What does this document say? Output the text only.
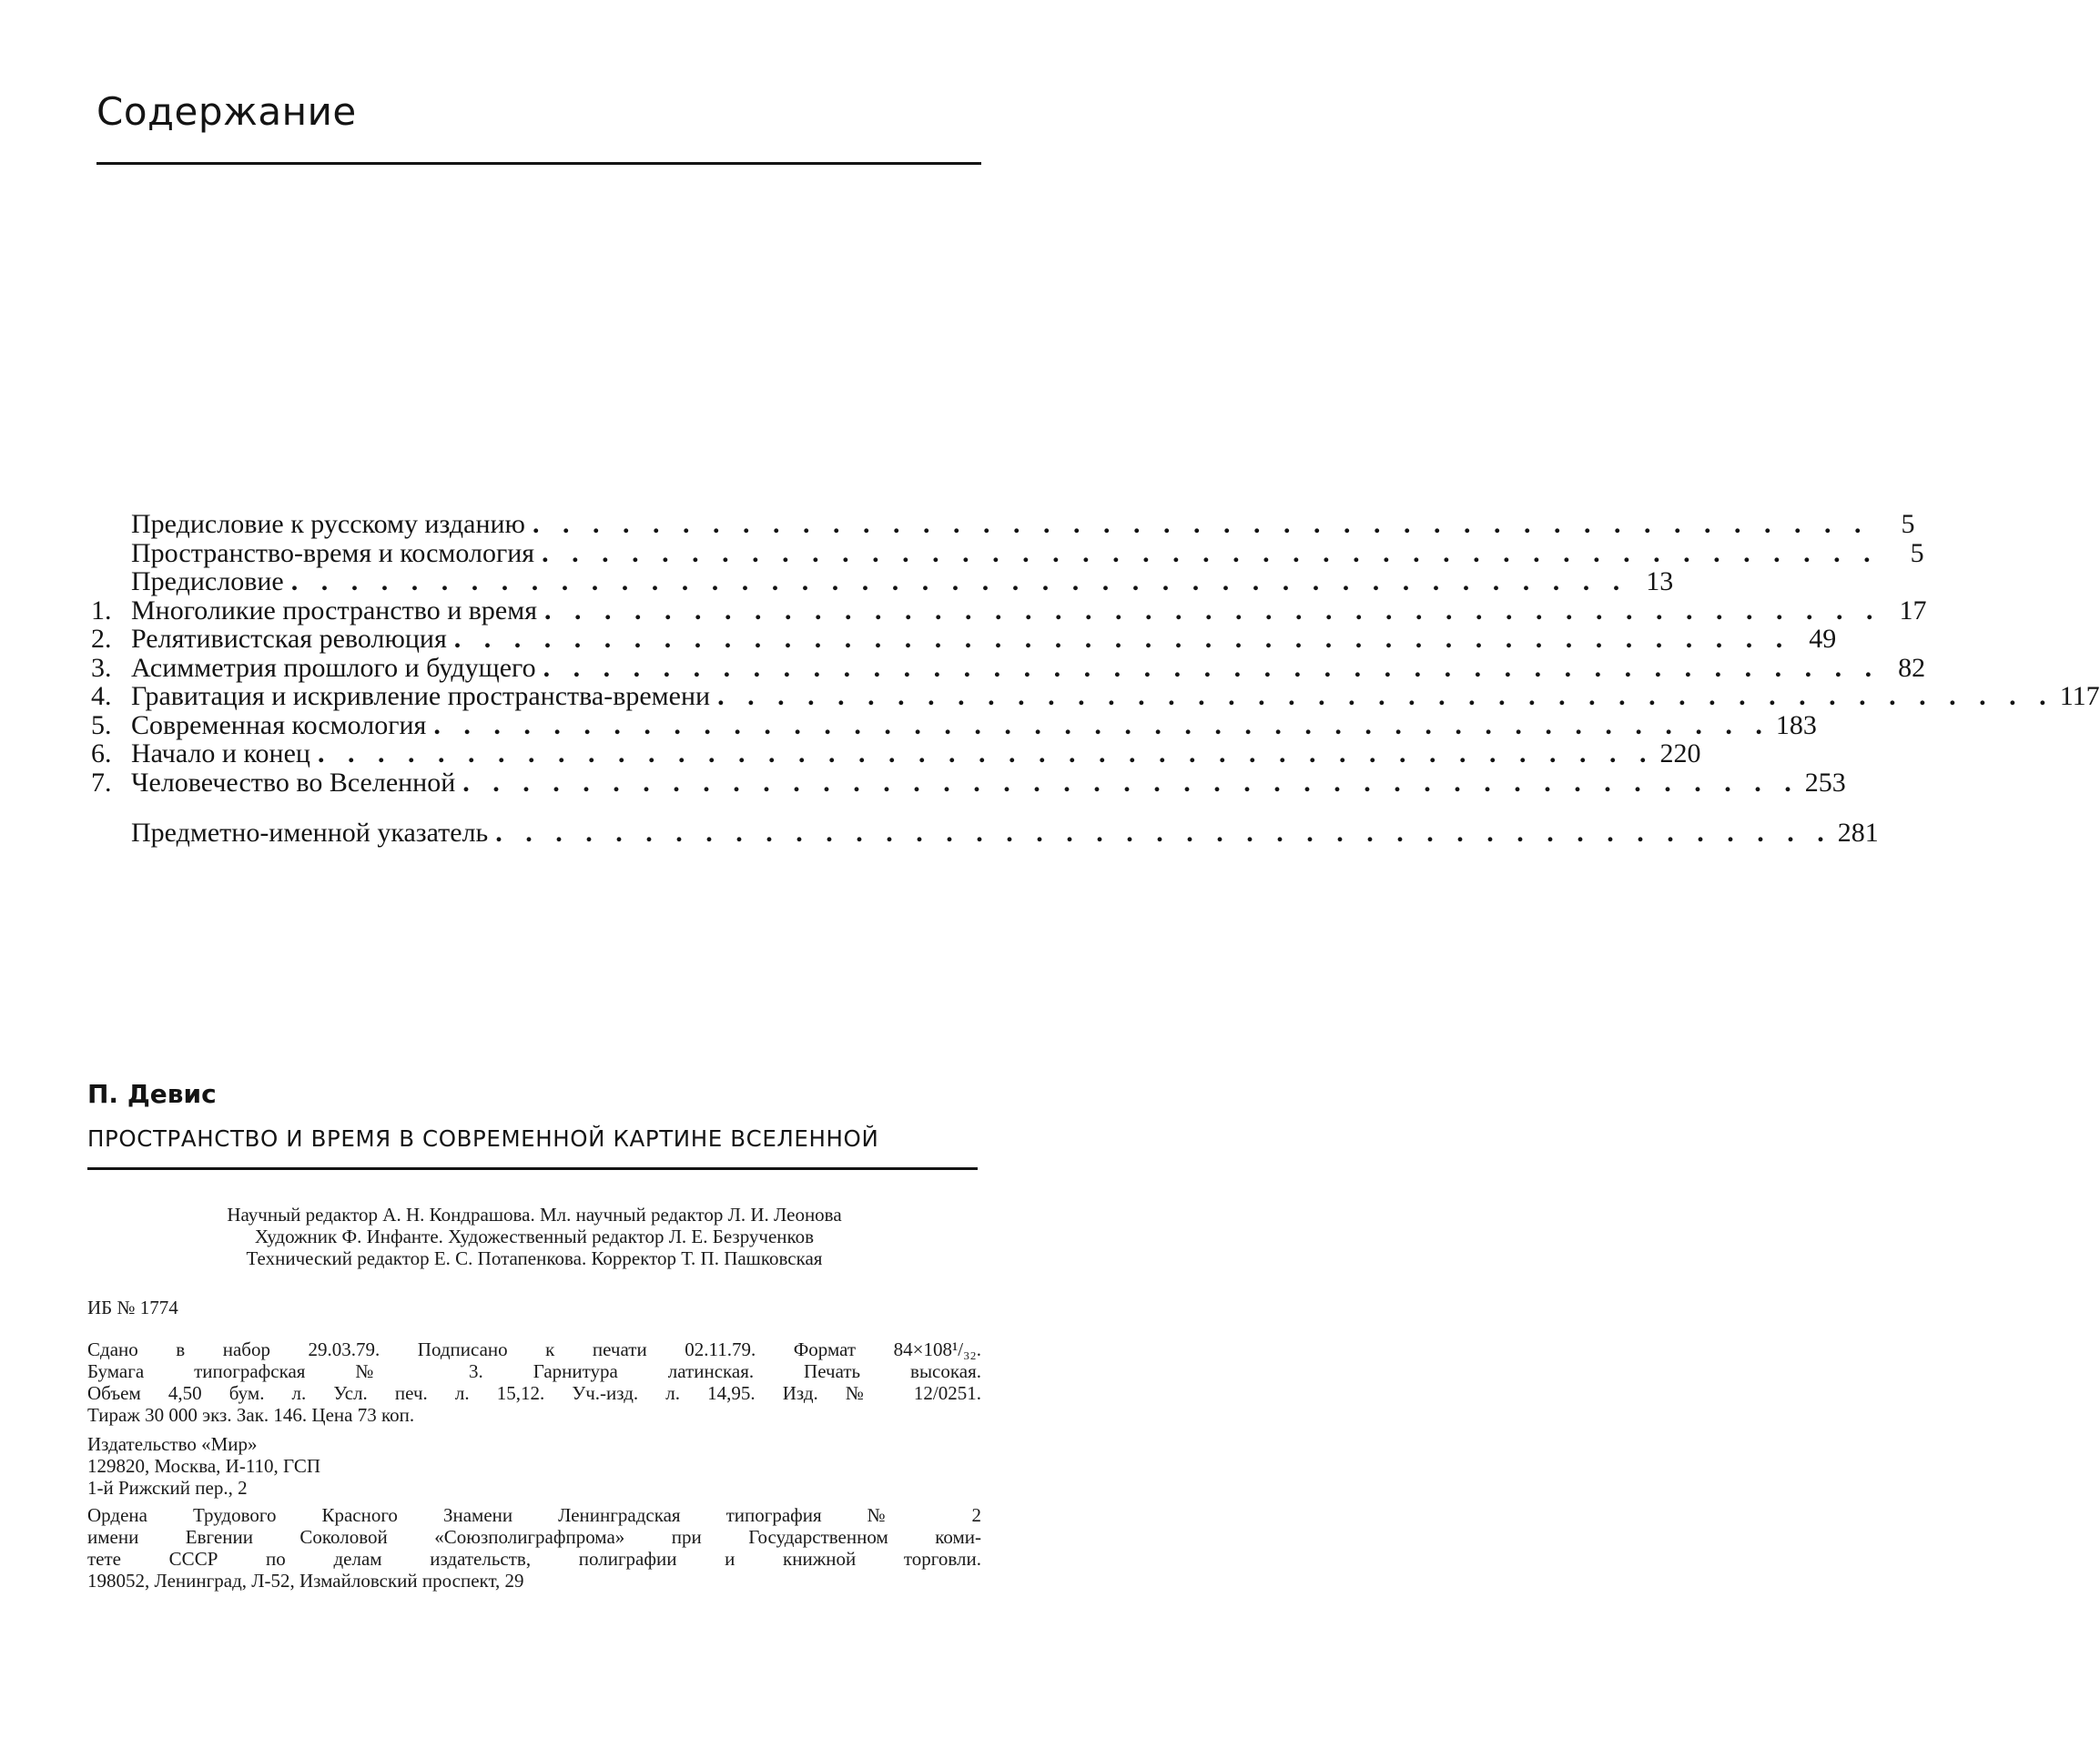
Содержание
Предисловие к русскому изданию . . . . . . . . . . . . . . . . . . . . . . . . . . . . . . . . . . . . . . . . . . . . .	5
Пространство-время и космология . . . . . . . . . . . . . . . . . . . . . . . . . . . . . . . . . . . . . . . . . . . . .	5
Предисловие . . . . . . . . . . . . . . . . . . . . . . . . . . . . . . . . . . . . . . . . . . . . . 13
1. Многоликие пространство и время . . . . . . . . . . . . . . . . . . . . . . . . . . . . . . . . . . . . . . . . . . . . . 17
2. Релятивистская революция . . . . . . . . . . . . . . . . . . . . . . . . . . . . . . . . . . . . . . . . . . . . . 49
3. Асимметрия прошлого и будущего . . . . . . . . . . . . . . . . . . . . . . . . . . . . . . . . . . . . . . . . . . . . . 82
4. Гравитация и искривление пространства-времени . . . . . . . . . . . . . . . . . . . . . . . . . . . . . . . . . . . . . . . . . . . . . 117
5. Современная космология . . . . . . . . . . . . . . . . . . . . . . . . . . . . . . . . . . . . . . . . . . . . . 183
6. Начало и конец . . . . . . . . . . . . . . . . . . . . . . . . . . . . . . . . . . . . . . . . . . . . . 220
7. Человечество во Вселенной . . . . . . . . . . . . . . . . . . . . . . . . . . . . . . . . . . . . . . . . . . . . . 253
Предметно-именной указатель . . . . . . . . . . . . . . . . . . . . . . . . . . . . . . . . . . . . . . . . . . . . . 281
П. Девис
ПРОСТРАНСТВО И ВРЕМЯ В СОВРЕМЕННОЙ КАРТИНЕ ВСЕЛЕННОЙ
Научный редактор А. Н. Кондрашова. Мл. научный редактор Л. И. Леонова
Художник Ф. Инфанте. Художественный редактор Л. Е. Безрученков
Технический редактор Е. С. Потапенкова. Корректор Т. П. Пашковская
ИБ № 1774
Сдано в набор 29.03.79. Подписано к печати 02.11.79. Формат 84×108¹/₃₂.
Бумага типографская № 3. Гарнитура латинская. Печать высокая.
Объем 4,50 бум. л. Усл. печ. л. 15,12. Уч.-изд. л. 14,95. Изд. № 12/0251.
Тираж 30 000 экз. Зак. 146. Цена 73 коп.
Издательство «Мир»
129820, Москва, И-110, ГСП
1-й Рижский пер., 2
Ордена Трудового Красного Знамени Ленинградская типография № 2
имени Евгении Соколовой «Союзполиграфпрома» при Государственном коми-
тете СССР по делам издательств, полиграфии и книжной торговли.
198052, Ленинград, Л-52, Измайловский проспект, 29
